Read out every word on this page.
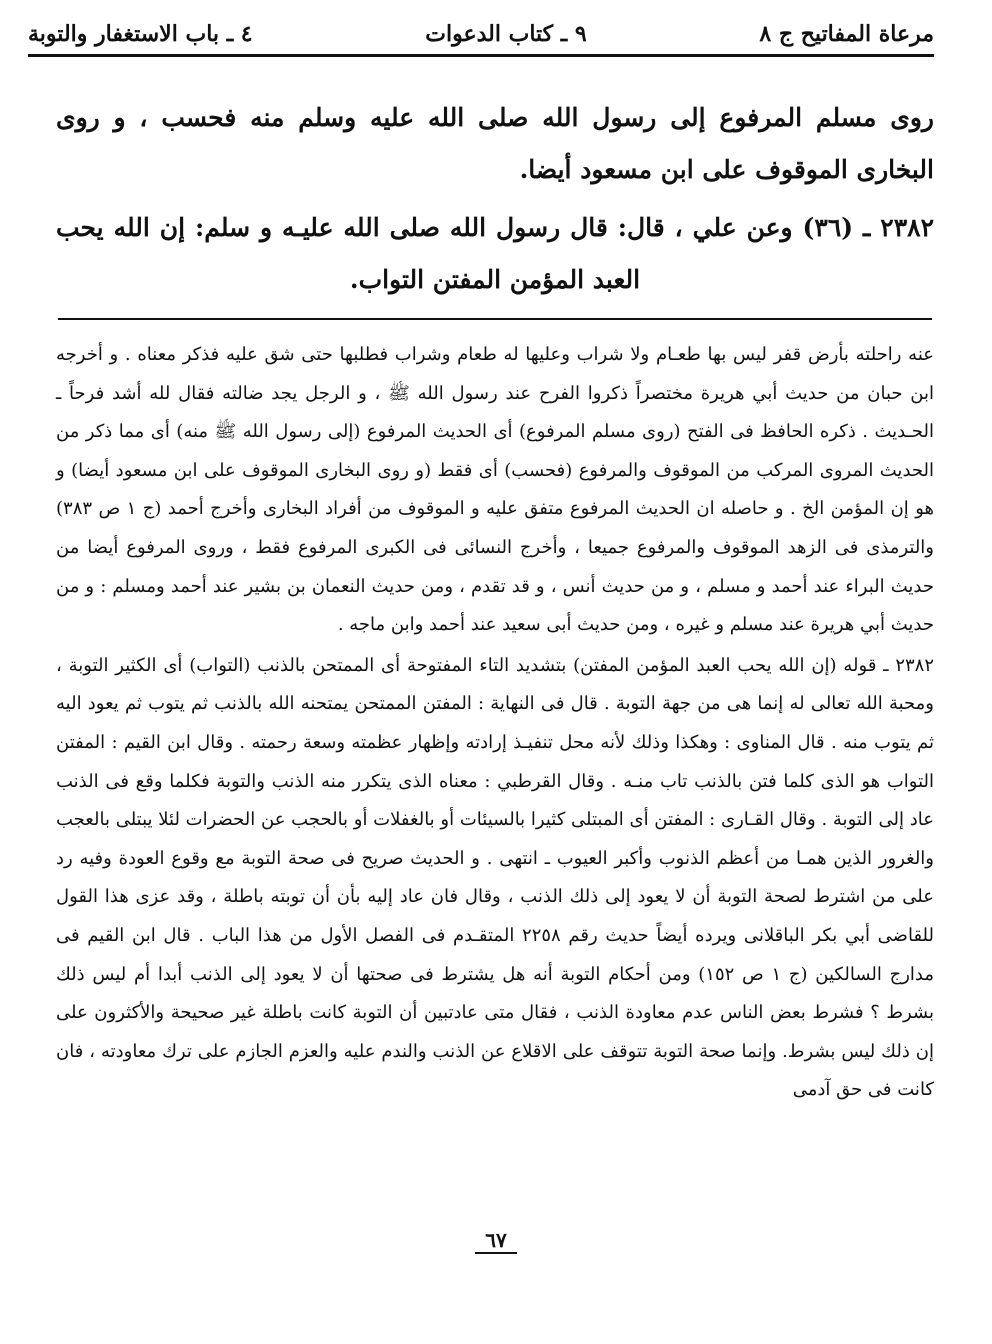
مرعاة المفاتيح ج ٨
٩ ـ كتاب الدعوات
٤ ـ باب الاستغفار والتوبة

روى مسلم المرفوع إلى رسول الله صلى الله عليه وسلم منه فحسب ، و روى البخارى الموقوف على ابن مسعود أيضا.

٢٣٨٢ ـ (٣٦) وعن علي ، قال: قال رسول الله صلى الله عليـه و سلم: إن الله يحب العبد المؤمن المفتن التواب.

عنه راحلته بأرض قفر ليس بها طعـام ولا شراب وعليها له طعام وشراب فطلبها حتى شق عليه فذكر معناه . و أخرجه ابن حبان من حديث أبي هريرة مختصراً ذكروا الفرح عند رسول الله ﷺ ، و الرجل يجد ضالته فقال لله أشد فرحاً ـ الحـديث . ذكره الحافظ فى الفتح (روى مسلم المرفوع) أى الحديث المرفوع (إلى رسول الله ﷺ منه) أى مما ذكر من الحديث المروى المركب من الموقوف والمرفوع (فحسب) أى فقط (و روى البخارى الموقوف على ابن مسعود أيضا) و هو إن المؤمن الخ . و حاصله ان الحديث المرفوع متفق عليه و الموقوف من أفراد البخارى وأخرج أحمد (ج ١ ص ٣٨٣) والترمذى فى الزهد الموقوف والمرفوع جميعا ، وأخرج النسائى فى الكبرى المرفوع فقط ، وروى المرفوع أيضا من حديث البراء عند أحمد و مسلم ، و من حديث أنس ، و قد تقدم ، ومن حديث النعمان بن بشير عند أحمد ومسلم : و من حديث أبي هريرة عند مسلم و غيره ، ومن حديث أبى سعيد عند أحمد وابن ماجه .

٢٣٨٢ ـ قوله (إن الله يحب العبد المؤمن المفتن) بتشديد التاء المفتوحة أى الممتحن بالذنب (التواب) أى الكثير التوبة ، ومحبة الله تعالى له إنما هى من جهة التوبة . قال فى النهاية : المفتن الممتحن يمتحنه الله بالذنب ثم يتوب ثم يعود اليه ثم يتوب منه . قال المناوى : وهكذا وذلك لأنه محل تنفيـذ إرادته وإظهار عظمته وسعة رحمته . وقال ابن القيم : المفتن التواب هو الذى كلما فتن بالذنب تاب منـه . وقال القرطبي : معناه الذى يتكرر منه الذنب والتوبة فكلما وقع فى الذنب عاد إلى التوبة . وقال القـارى : المفتن أى المبتلى كثيرا بالسيئات أو بالغفلات أو بالحجب عن الحضرات لئلا يبتلى بالعجب والغرور الذين همـا من أعظم الذنوب وأكبر العيوب ـ انتهى . و الحديث صريح فى صحة التوبة مع وقوع العودة وفيه رد على من اشترط لصحة التوبة أن لا يعود إلى ذلك الذنب ، وقال فان عاد إليه بأن أن توبته باطلة ، وقد عزى هذا القول للقاضى أبي بكر الباقلانى ويرده أيضاً حديث رقم ٢٢٥٨ المتقـدم فى الفصل الأول من هذا الباب . قال ابن القيم فى مدارج السالكين (ج ١ ص ١٥٢) ومن أحكام التوبة أنه هل يشترط فى صحتها أن لا يعود إلى الذنب أبدا أم ليس ذلك بشرط ؟ فشرط بعض الناس عدم معاودة الذنب ، فقال متى عادتبين أن التوبة كانت باطلة غير صحيحة والأكثرون على إن ذلك ليس بشرط. وإنما صحة التوبة تتوقف على الاقلاع عن الذنب والندم عليه والعزم الجازم على ترك معاودته ، فان كانت فى حق آدمى

٦٧
